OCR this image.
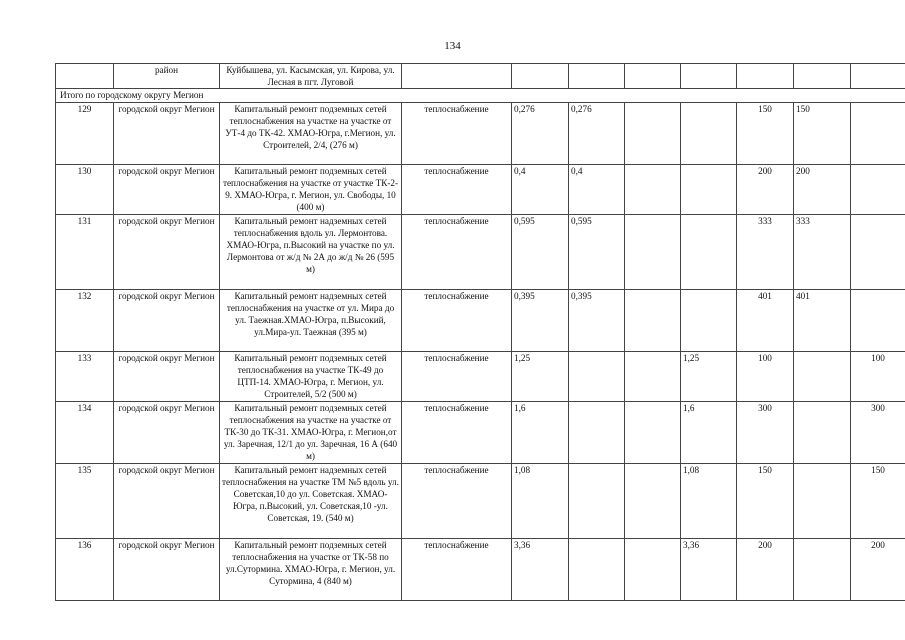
134
	район	Куйбышева, ул. Касымская, ул. Кирова, ул. Лесная в пгт. Луговой								
Итого по городскому округу Мегион										
129	городской округ Мегион	Капитальный ремонт подземных сетей теплоснабжения на участке на участке от УТ-4 до ТК-42. ХМАО-Югра, г.Мегион, ул. Строителей, 2/4, (276 м)	теплоснабжение	0,276	0,276			150	150	
130	городской округ Мегион	Капитальный ремонт подземных сетей теплоснабжения на участке от участке ТК-2-9. ХМАО-Югра, г. Мегион, ул. Свободы, 10 (400 м)	теплоснабжение	0,4	0,4			200	200	
131	городской округ Мегион	Капитальный ремонт надземных сетей теплоснабжения вдоль ул. Лермонтова. ХМАО-Югра, п.Высокий на участке по ул. Лермонтова от ж/д № 2А до ж/д № 26 (595 м)	теплоснабжение	0,595	0,595			333	333	
132	городской округ Мегион	Капитальный ремонт надземных сетей теплоснабжения на участке от ул. Мира до ул. Таежная.ХМАО-Югра, п.Высокий, ул.Мира-ул. Таежная (395 м)	теплоснабжение	0,395	0,395			401	401	
133	городской округ Мегион	Капитальный ремонт подземных сетей теплоснабжения на участке ТК-49 до ЦТП-14. ХМАО-Югра, г. Мегион, ул. Строителей, 5/2 (500 м)	теплоснабжение	1,25			1,25	100		100
134	городской округ Мегион	Капитальный ремонт подземных сетей теплоснабжения на участке на участке от ТК-30 до ТК-31. ХМАО-Югра, г. Мегион,от ул. Заречная, 12/1 до ул. Заречная, 16 А (640 м)	теплоснабжение	1,6			1,6	300		300
135	городской округ Мегион	Капитальный ремонт надземных сетей теплоснабжения на участке ТМ №5 вдоль ул. Советская,10 до ул. Советская. ХМАО-Югра, п.Высокий, ул. Советская,10 -ул. Советская, 19. (540 м)	теплоснабжение	1,08			1,08	150		150
136	городской округ Мегион	Капитальный ремонт подземных сетей теплоснабжения на участке от ТК-58 по ул.Сутормина. ХМАО-Югра, г. Мегион, ул. Сутормина, 4 (840 м)	теплоснабжение	3,36			3,36	200		200
